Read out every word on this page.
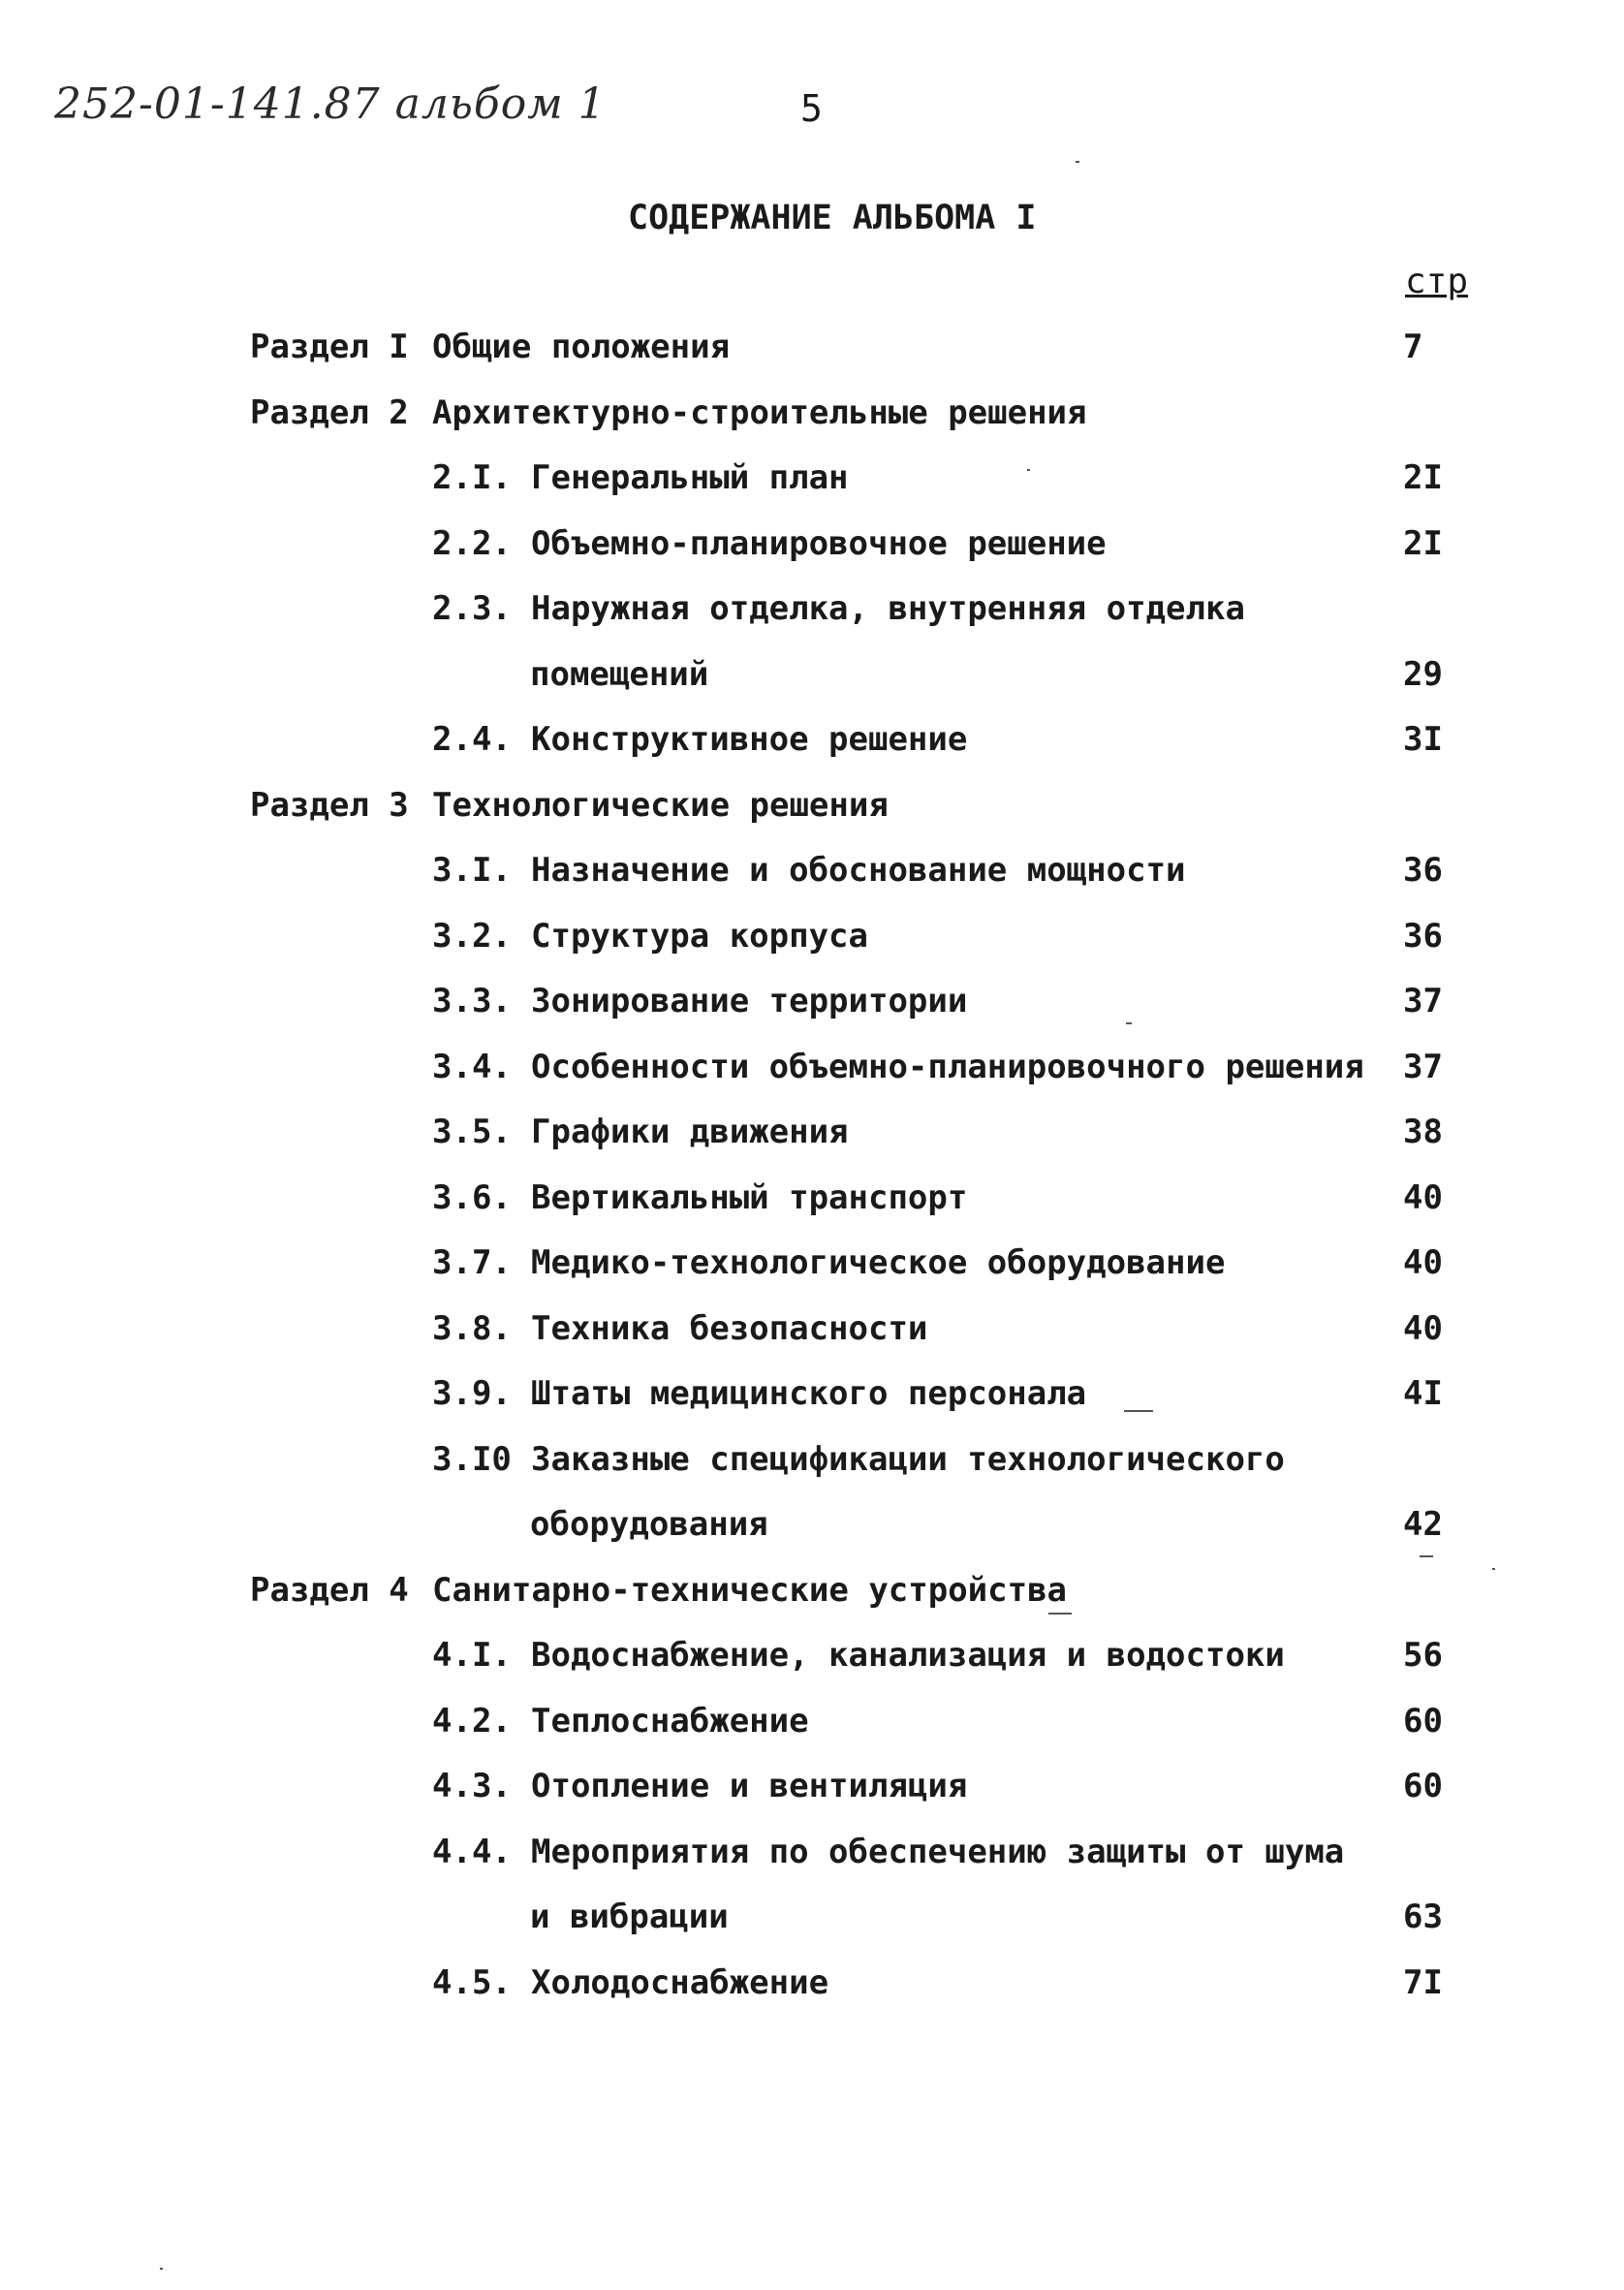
252-01-141.87 альбом 1	5
СОДЕРЖАНИЕ АЛЬБОМА I
стр
Раздел I Общие положения	7
Раздел 2 Архитектурно-строительные решения
2.I. Генеральный план	2I
2.2. Объемно-планировочное решение	2I
2.3. Наружная отделка, внутренняя отделка
помещений	29
2.4. Конструктивное решение	3I
Раздел 3 Технологические решения
3.I. Назначение и обоснование мощности	36
3.2. Структура корпуса	36
3.3. Зонирование территории	37
3.4. Особенности объемно-планировочного решения 37
3.5. Графики движения	38
3.6. Вертикальный транспорт	40
3.7. Медико-технологическое оборудование	40
3.8. Техника безопасности	40
3.9. Штаты медицинского персонала	4I
3.I0 Заказные спецификации технологического
оборудования	42
Раздел 4 Санитарно-технические устройства
4.I. Водоснабжение, канализация и водостоки	56
4.2. Теплоснабжение	60
4.3. Отопление и вентиляция	60
4.4. Мероприятия по обеспечению защиты от шума
и вибрации	63
4.5. Холодоснабжение	7I
